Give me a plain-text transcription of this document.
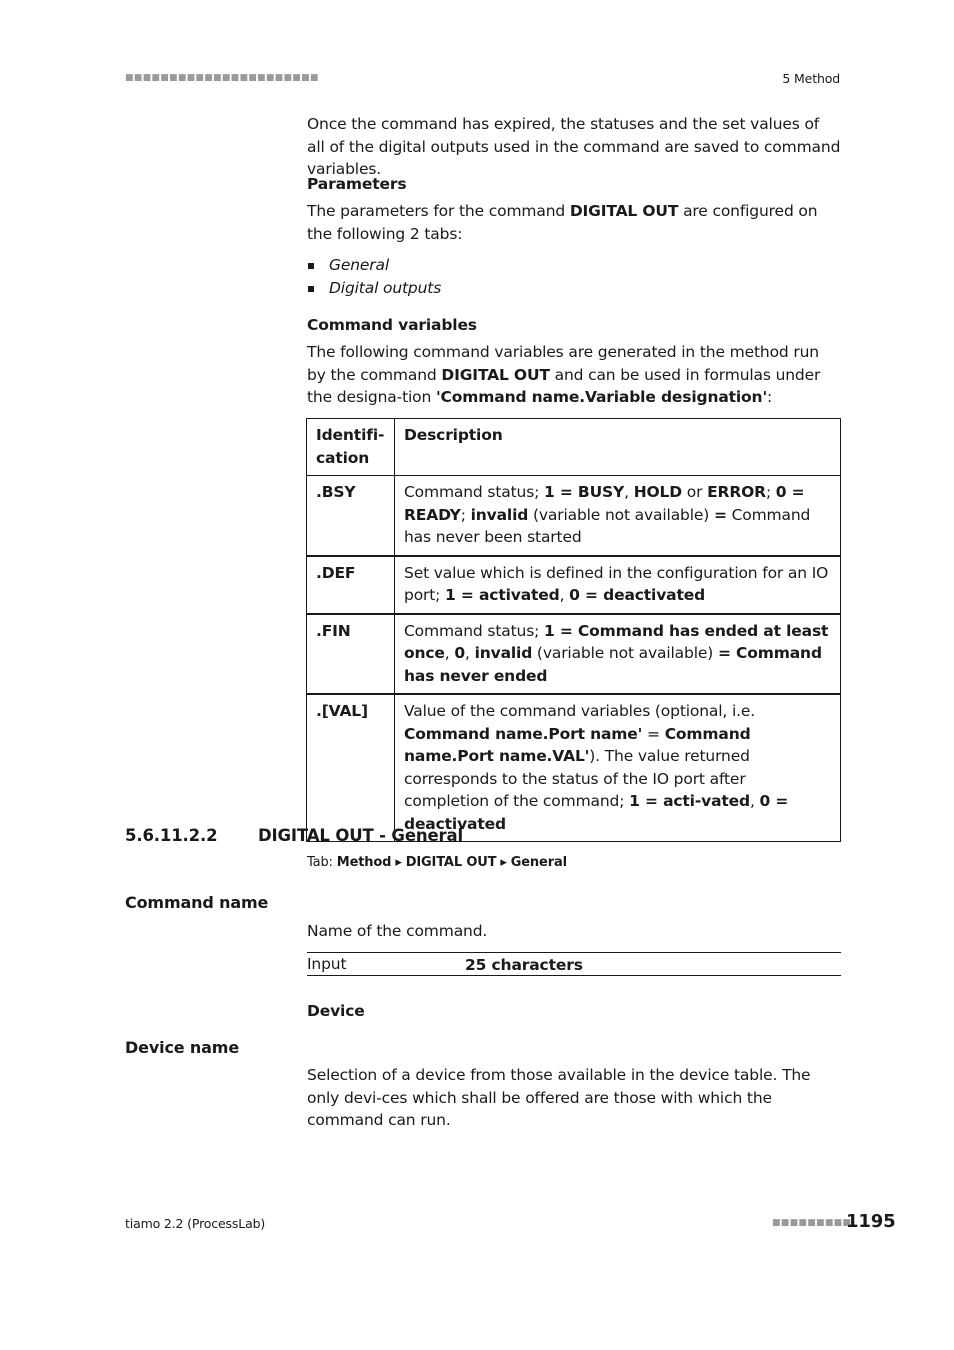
■■■■■■■■■■■■■■■■■■■■■■	5 Method

Once the command has expired, the statuses and the set values of all of the digital outputs used in the command are saved to command variables.

Parameters

The parameters for the command DIGITAL OUT are configured on the following 2 tabs:

General
Digital outputs
Command variables

The following command variables are generated in the method run by the command DIGITAL OUT and can be used in formulas under the designa-tion 'Command name.Variable designation':

Identifi-cation	Description
.BSY	Command status; 1 = BUSY, HOLD or ERROR; 0 = READY; invalid (variable not available) = Command has never been started
.DEF	Set value which is defined in the configuration for an IO port; 1 = activated, 0 = deactivated
.FIN	Command status; 1 = Command has ended at least once, 0, invalid (variable not available) = Command has never ended
.[VAL]	Value of the command variables (optional, i.e. Command name.Port name' = Command name.Port name.VAL'). The value returned corresponds to the status of the IO port after completion of the command; 1 = acti-vated, 0 = deactivated
5.6.11.2.2 DIGITAL OUT - General
Tab: Method ▸ DIGITAL OUT ▸ General
Command name

Name of the command.

Input	25 characters
Device
Device name

Selection of a device from those available in the device table. The only devi-ces which shall be offered are those with which the command can run.

tiamo 2.2 (ProcessLab)	■■■■■■■■■
1195
